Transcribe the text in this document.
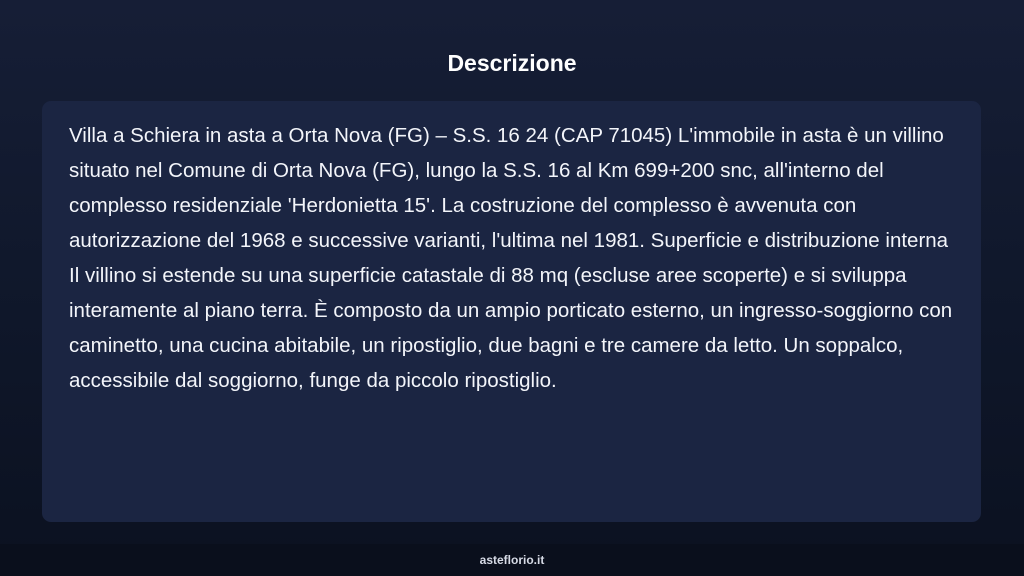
Descrizione

Villa a Schiera in asta a Orta Nova (FG) – S.S. 16 24 (CAP 71045) L'immobile in asta è un villino situato nel Comune di Orta Nova (FG), lungo la S.S. 16 al Km 699+200 snc, all'interno del complesso residenziale 'Herdonietta 15'. La costruzione del complesso è avvenuta con autorizzazione del 1968 e successive varianti, l'ultima nel 1981. Superficie e distribuzione interna Il villino si estende su una superficie catastale di 88 mq (escluse aree scoperte) e si sviluppa interamente al piano terra. È composto da un ampio porticato esterno, un ingresso-soggiorno con caminetto, una cucina abitabile, un ripostiglio, due bagni e tre camere da letto. Un soppalco, accessibile dal soggiorno, funge da piccolo ripostiglio.

asteflorio.it
